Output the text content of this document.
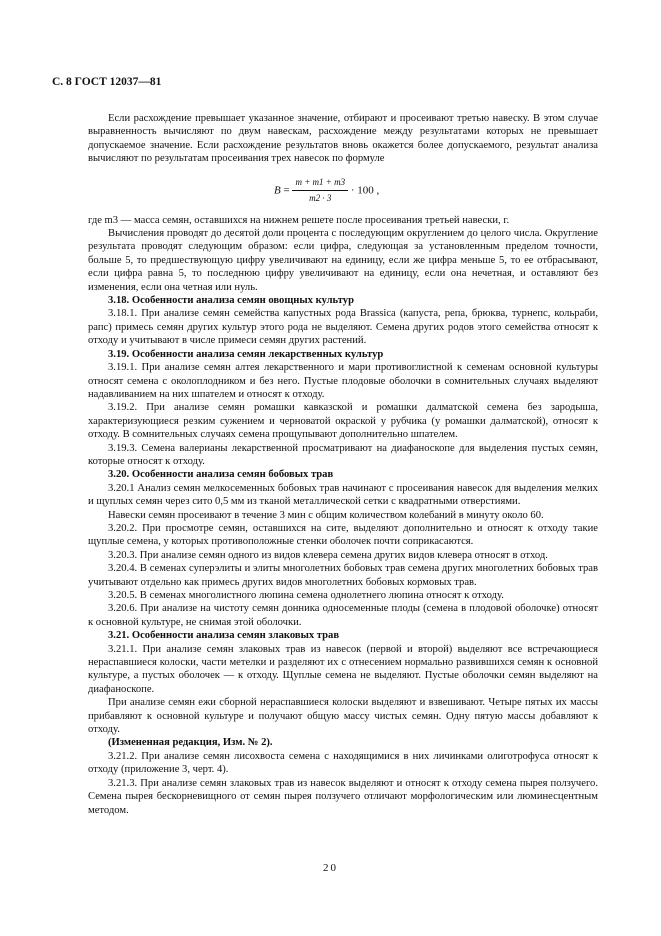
С. 8 ГОСТ 12037—81

Если расхождение превышает указанное значение, отбирают и просеивают третью навеску. В этом случае выравненность вычисляют по двум навескам, расхождение между результатами которых не превышает допускаемое значение. Если расхождение результатов вновь окажется более допускаемого, результат анализа вычисляют по результатам просеивания трех навесок по формуле

$B = \frac{m + m1 + m3}{m2 \cdot 3} \cdot 100$ ,

где m3 — масса семян, оставшихся на нижнем решете после просеивания третьей навески, г.

Вычисления проводят до десятой доли процента с последующим округлением до целого числа. Округление результата проводят следующим образом: если цифра, следующая за установленным пределом точности, больше 5, то предшествующую цифру увеличивают на единицу, если же цифра меньше 5, то ее отбрасывают, если цифра равна 5, то последнюю цифру увеличивают на единицу, если она нечетная, и оставляют без изменения, если она четная или нуль.

3.18. Особенности анализа семян овощных культур

3.18.1. При анализе семян семейства капустных рода Brassica (капуста, репа, брюква, турнепс, кольраби, рапс) примесь семян других культур этого рода не выделяют. Семена других родов этого семейства относят к отходу и учитывают в числе примеси семян других растений.

3.19. Особенности анализа семян лекарственных культур

3.19.1. При анализе семян алтея лекарственного и мари противоглистной к семенам основной культуры относят семена с околоплодником и без него. Пустые плодовые оболочки в сомнительных случаях выделяют надавливанием на них шпателем и относят к отходу.

3.19.2. При анализе семян ромашки кавказской и ромашки далматской семена без зародыша, характеризующиеся резким сужением и черноватой окраской у рубчика (у ромашки далматской), относят к отходу. В сомнительных случаях семена прощупывают дополнительно шпателем.

3.19.3. Семена валерианы лекарственной просматривают на диафаноскопе для выделения пустых семян, которые относят к отходу.

3.20. Особенности анализа семян бобовых трав

3.20.1 Анализ семян мелкосеменных бобовых трав начинают с просеивания навесок для выделения мелких и щуплых семян через сито 0,5 мм из тканой металлической сетки с квадратными отверстиями.

Навески семян просеивают в течение 3 мин с общим количеством колебаний в минуту около 60.

3.20.2. При просмотре семян, оставшихся на сите, выделяют дополнительно и относят к отходу такие щуплые семена, у которых противоположные стенки оболочек почти соприкасаются.

3.20.3. При анализе семян одного из видов клевера семена других видов клевера относят в отход.

3.20.4. В семенах суперэлиты и элиты многолетних бобовых трав семена других многолетних бобовых трав учитывают отдельно как примесь других видов многолетних бобовых кормовых трав.

3.20.5. В семенах многолистного люпина семена однолетнего люпина относят к отходу.

3.20.6. При анализе на чистоту семян донника односеменные плоды (семена в плодовой оболочке) относят к основной культуре, не снимая этой оболочки.

3.21. Особенности анализа семян злаковых трав

3.21.1. При анализе семян злаковых трав из навесок (первой и второй) выделяют все встречающиеся нераспавшиеся колоски, части метелки и разделяют их с отнесением нормально развившихся семян к основной культуре, а пустых оболочек — к отходу. Щуплые семена не выделяют. Пустые оболочки семян выделяют на диафаноскопе.

При анализе семян ежи сборной нераспавшиеся колоски выделяют и взвешивают. Четыре пятых их массы прибавляют к основной культуре и получают общую массу чистых семян. Одну пятую массы добавляют к отходу.

(Измененная редакция, Изм. № 2).

3.21.2. При анализе семян лисохвоста семена с находящимися в них личинками олиготрофуса относят к отходу (приложение 3, черт. 4).

3.21.3. При анализе семян злаковых трав из навесок выделяют и относят к отходу семена пырея ползучего. Семена пырея бескорневищного от семян пырея ползучего отличают морфологическим или люминесцентным методом.

20
